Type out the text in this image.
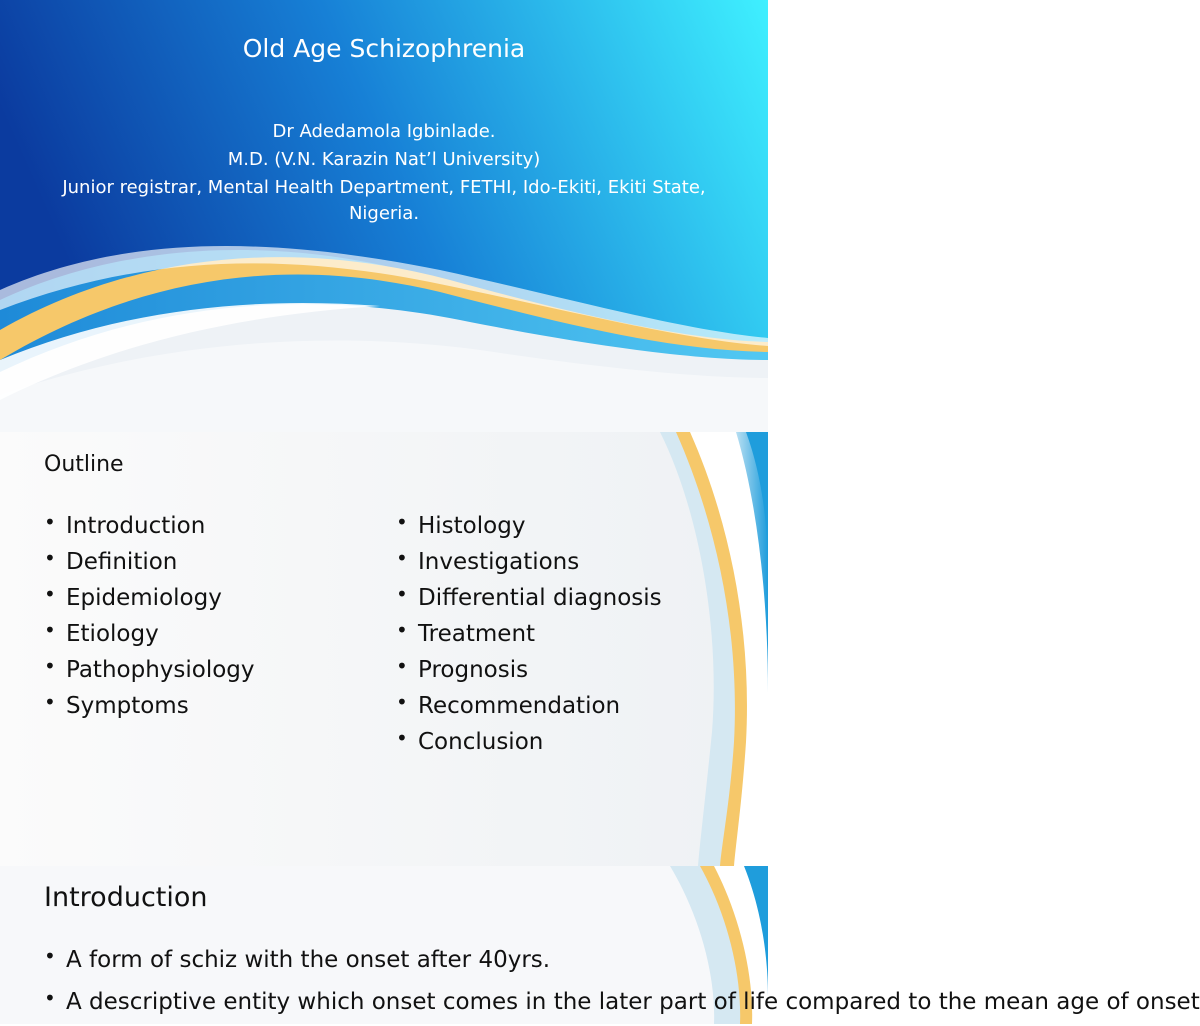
Old Age Schizophrenia
Dr Adedamola Igbinlade.
M.D. (V.N. Karazin Nat’l University)
Junior registrar, Mental Health Department, FETHI, Ido-Ekiti, Ekiti State, Nigeria.
Outline
• Introduction
• Definition
• Epidemiology
• Etiology
• Pathophysiology
• Symptoms
• Histology
• Investigations
• Differential diagnosis
• Treatment
• Prognosis
• Recommendation
• Conclusion
Introduction
• A form of schiz with the onset after 40yrs.
• A descriptive entity which onset comes in the later part of life compared to the mean age of onset
